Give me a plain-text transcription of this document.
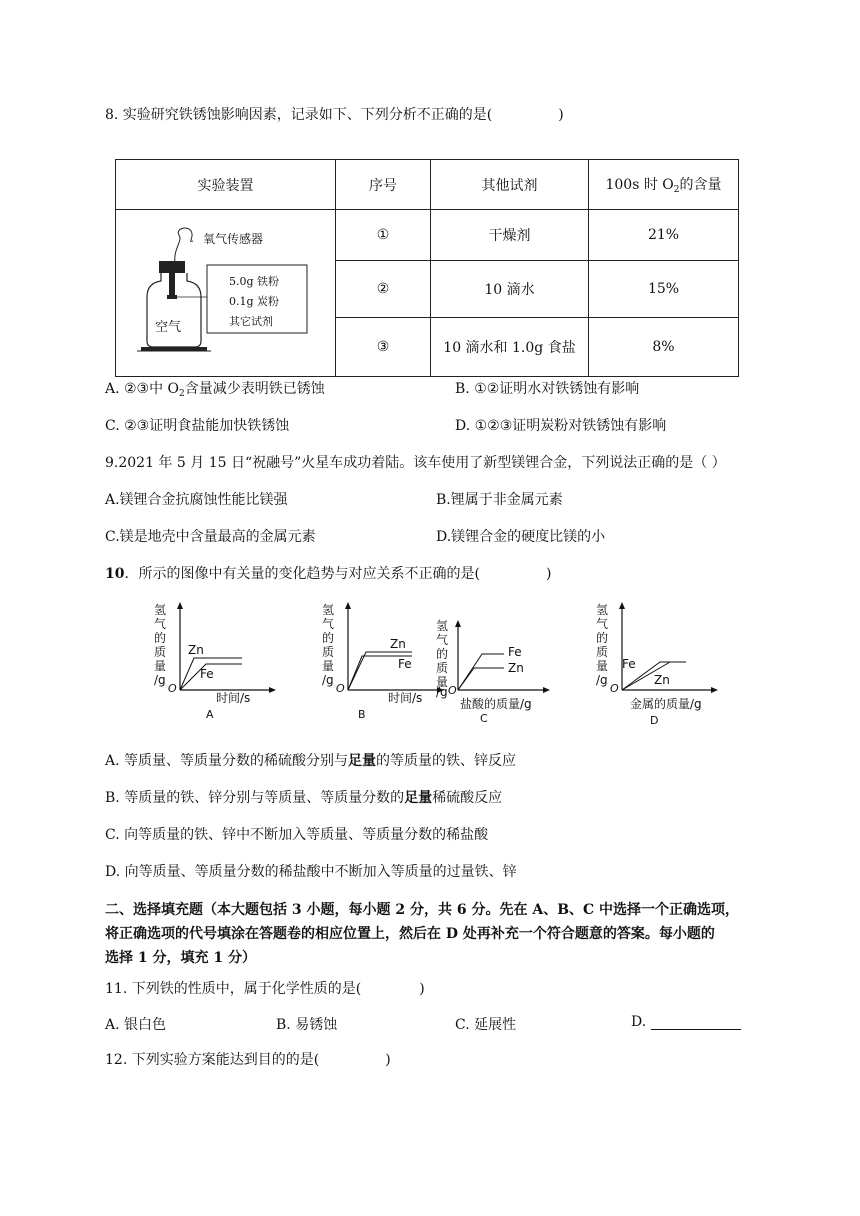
8. 实验研究铁锈蚀影响因素，记录如下、下列分析不正确的是(	)
实验装置	序号	其他试剂	100s 时 $O_2$的含量

氧气传感器
5.0g 铁粉
0.1g 炭粉
其它试剂
空气	①	干燥剂	21%
	②	10 滴水	15%
	③	10 滴水和 1.0g 食盐	8%
A. ②③中 $O_2$含量减少表明铁已锈蚀	B. ①②证明水对铁锈蚀有影响
C. ②③证明食盐能加快铁锈蚀	D. ①②③证明炭粉对铁锈蚀有影响
9.2021 年 5 月 15 日“祝融号”火星车成功着陆。该车使用了新型镁锂合金，下列说法正确的是（ ）
A.镁锂合金抗腐蚀性能比镁强	B.锂属于非金属元素
C.镁是地壳中含量最高的金属元素	D.镁锂合金的硬度比镁的小
10．所示的图像中有关量的变化趋势与对应关系不正确的是(	)
氢
气
的
质
量
/g
Zn
Fe
O
时间/s
A
氢
气
的
质
量
/g
Zn
Fe
O
时间/s
B
氢
气
的
质
量
/g
Fe
Zn
O
盐酸的质量/g
C
氢
气
的
质
量
/g
Fe
Zn
O
金属的质量/g
D
A. 等质量、等质量分数的稀硫酸分别与足量的等质量的铁、锌反应
B. 等质量的铁、锌分别与等质量、等质量分数的足量稀硫酸反应
C. 向等质量的铁、锌中不断加入等质量、等质量分数的稀盐酸
D. 向等质量、等质量分数的稀盐酸中不断加入等质量的过量铁、锌
二、选择填充题（本大题包括 3 小题，每小题 2 分，共 6 分。先在 A、B、C 中选择一个正确选项，
将正确选项的代号填涂在答题卷的相应位置上，然后在 D 处再补充一个符合题意的答案。每小题的
选择 1 分，填充 1 分）
11. 下列铁的性质中，属于化学性质的是(	)
A. 银白色	B. 易锈蚀	C. 延展性	D.
12. 下列实验方案能达到目的的是(	)
